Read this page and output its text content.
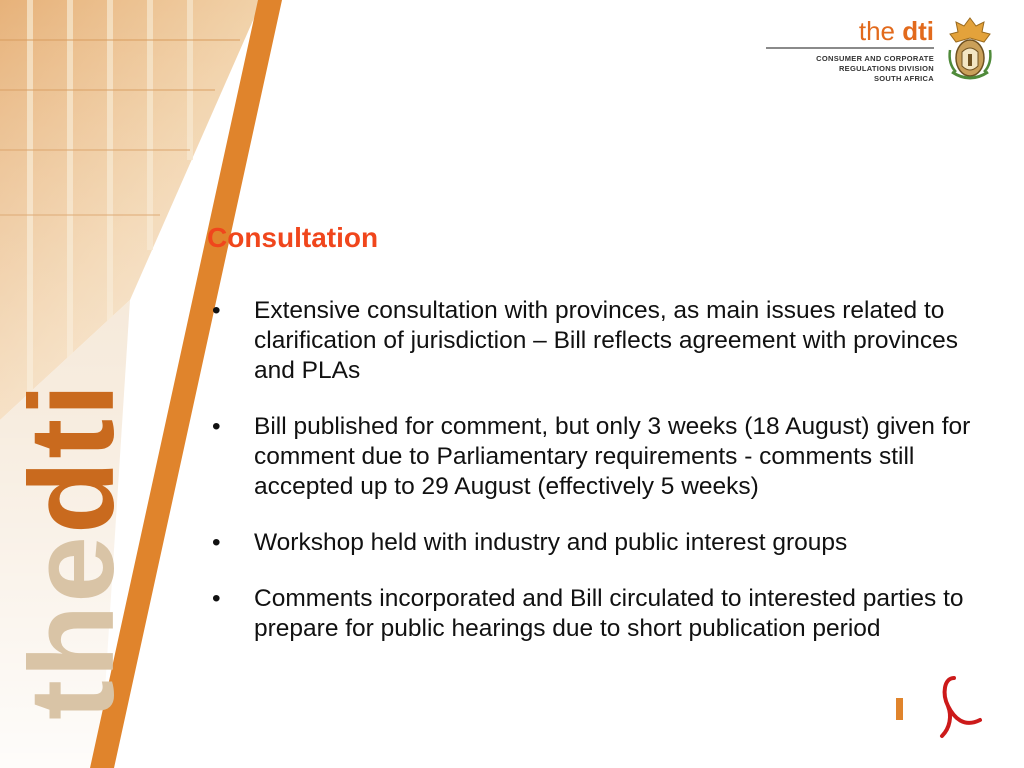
thedti
the dti
CONSUMER AND CORPORATE
REGULATIONS DIVISION
SOUTH AFRICA
Consultation
•	Extensive consultation with provinces, as main issues related to clarification of jurisdiction – Bill reflects agreement with provinces and PLAs
•	Bill published for comment, but only 3 weeks (18 August) given for comment due to Parliamentary requirements - comments still accepted up to 29 August (effectively 5 weeks)
•	Workshop held with industry and public interest groups
•	Comments incorporated and Bill circulated to interested parties to prepare for public hearings due to short publication period
